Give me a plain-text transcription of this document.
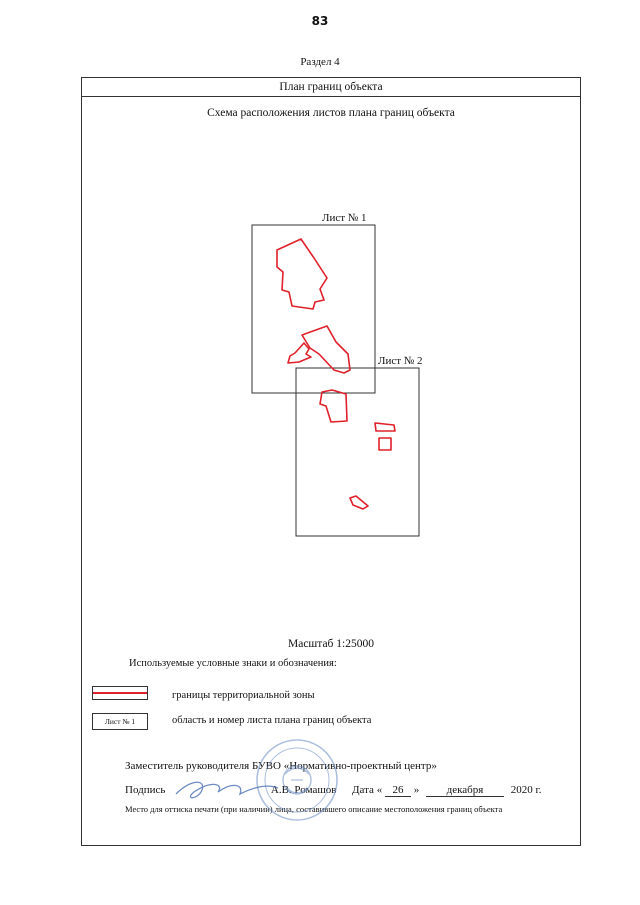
83
Раздел 4
План границ объекта
Схема расположения листов плана границ объекта
Лист № 1
Лист № 2
Масштаб 1:25000
Используемые условные знаки и обозначения:
границы территориальной зоны
Лист № 1	область и номер листа плана границ объекта
Заместитель руководителя БУВО «Нормативно-проектный центр»
Подпись	А.В. Ромашов Дата « 26 » декабря 2020 г.
Место для оттиска печати (при наличии) лица, составившего описание местоположения границ объекта
